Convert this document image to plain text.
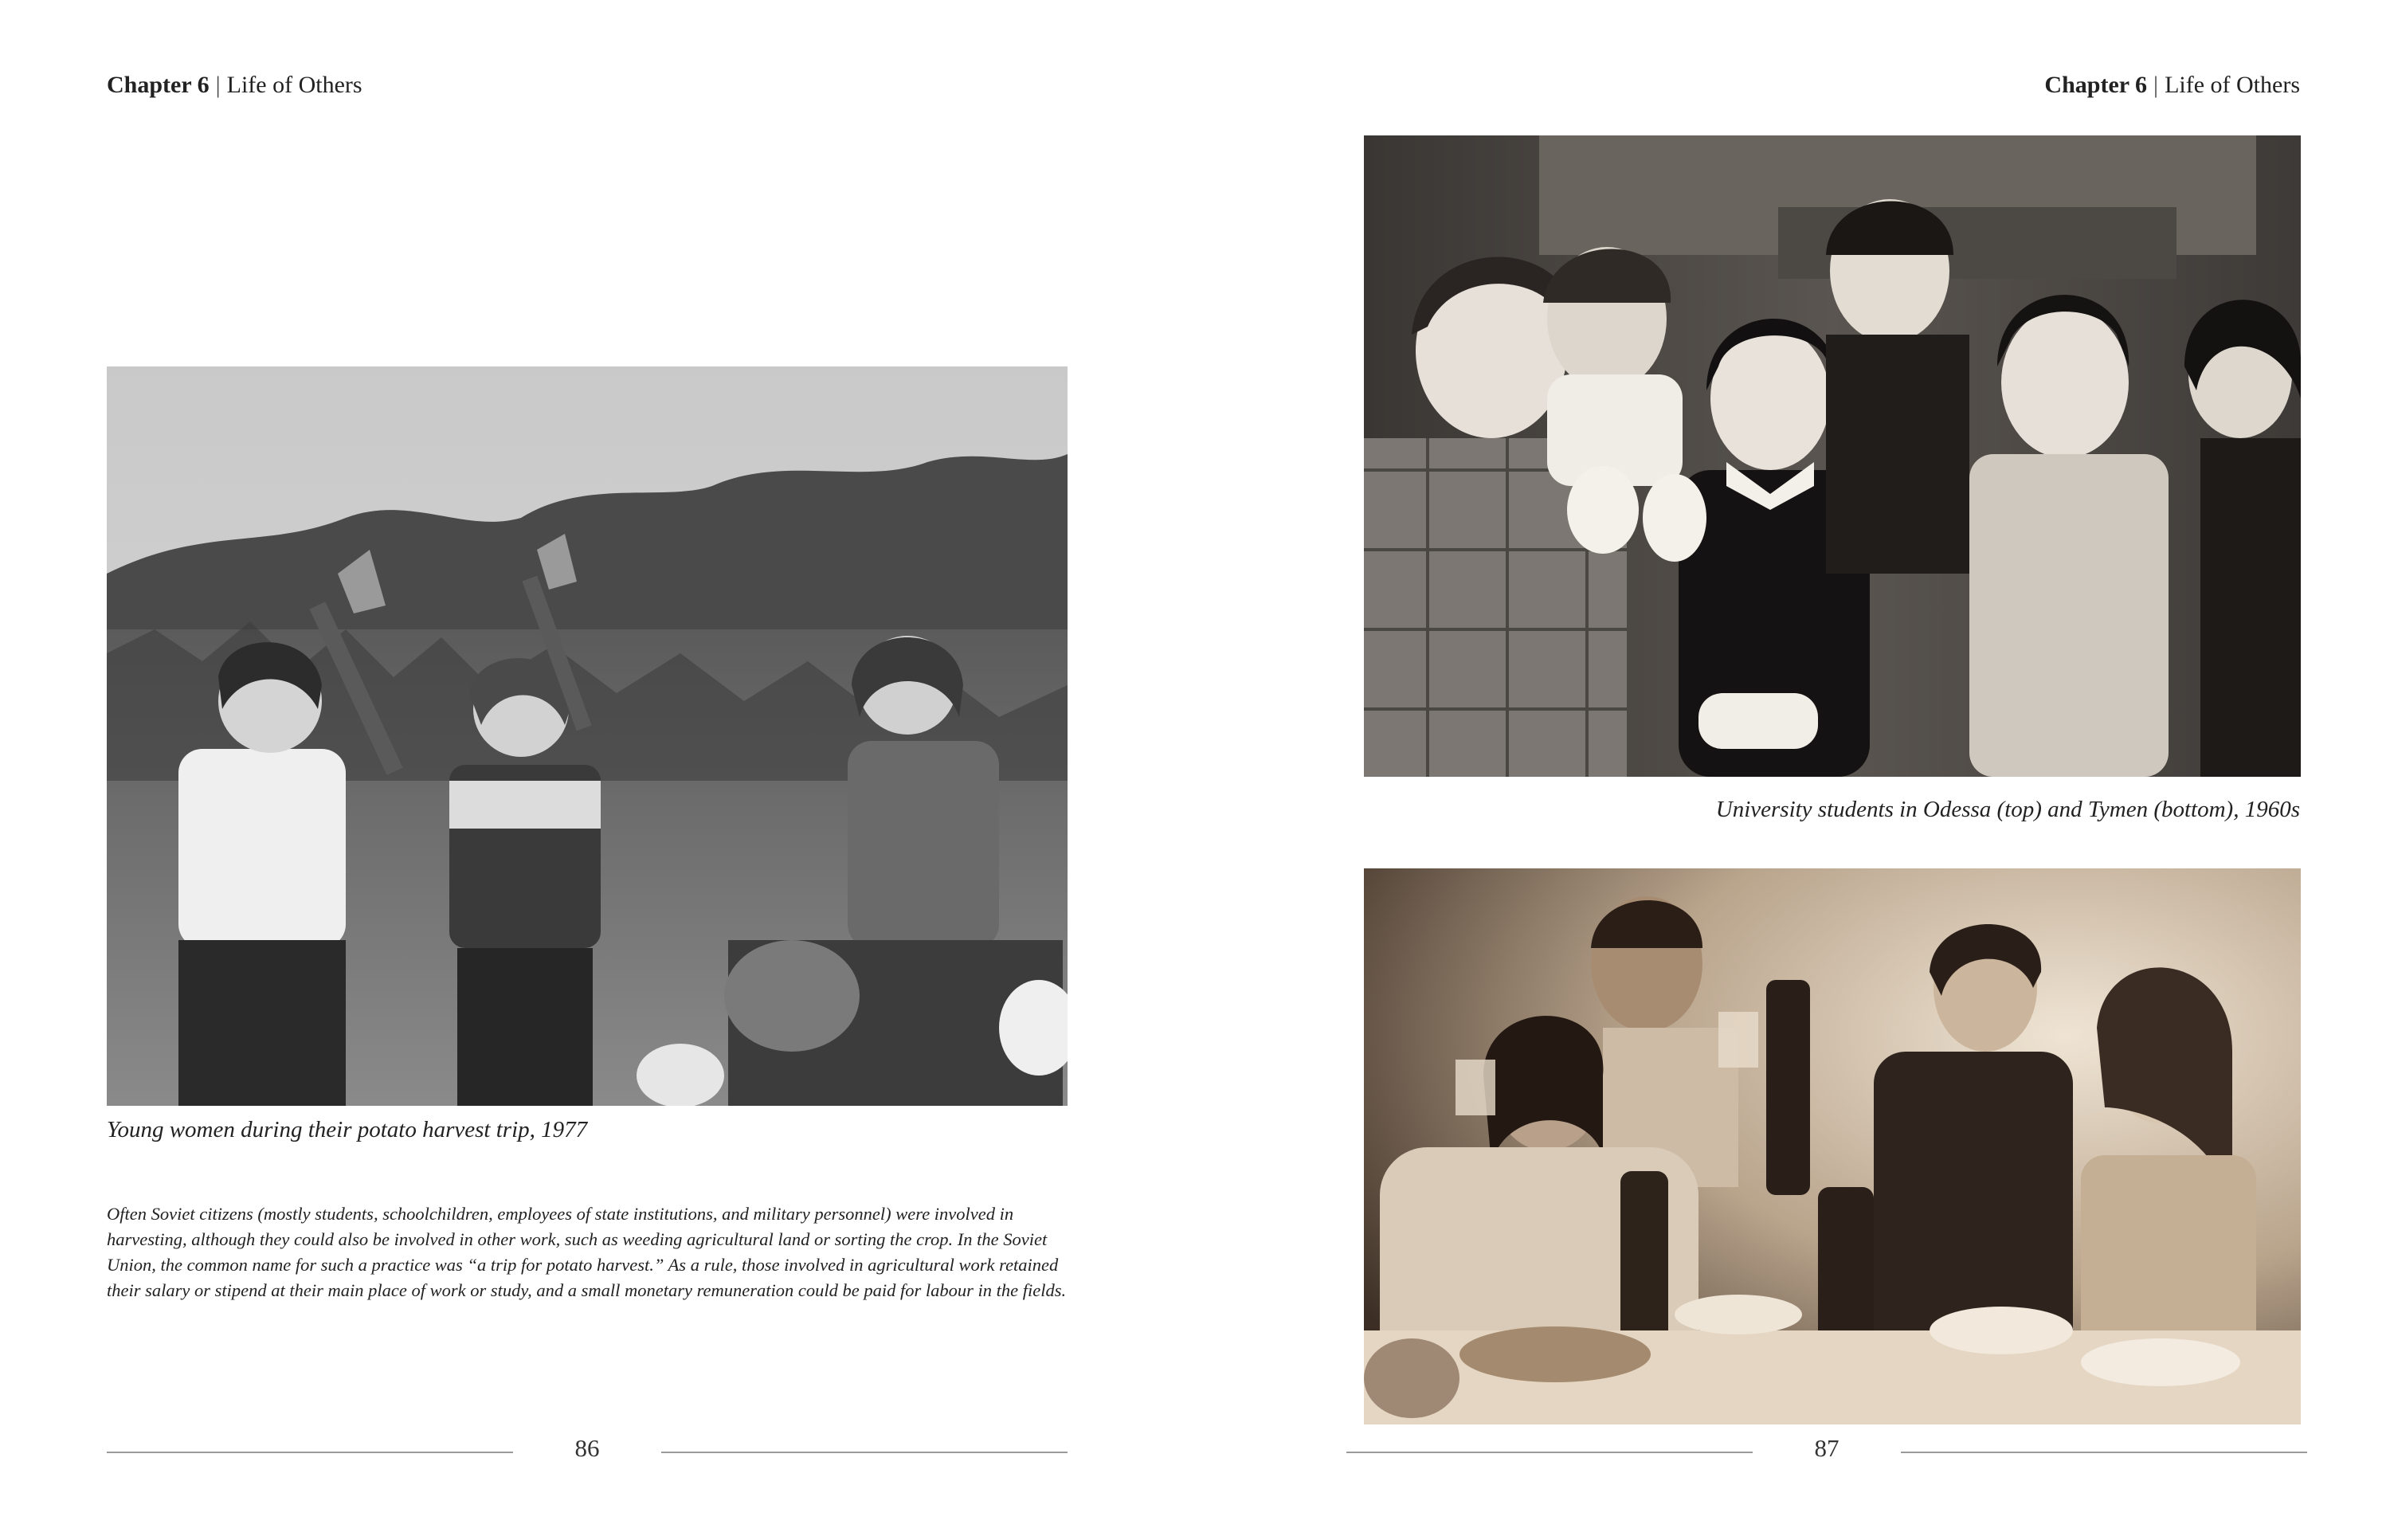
Chapter 6 | Life of Others
Young women during their potato harvest trip, 1977
Often Soviet citizens (mostly students, schoolchildren, employees of state institutions, and military personnel) were involved in harvesting, although they could also be involved in other work, such as weeding agricultural land or sorting the crop. In the Soviet Union, the common name for such a practice was “a trip for potato harvest.” As a rule, those involved in agricultural work retained their salary or stipend at their main place of work or study, and a small monetary remuneration could be paid for labour in the fields.
86
Chapter 6 | Life of Others
University students in Odessa (top) and Tymen (bottom), 1960s
87
